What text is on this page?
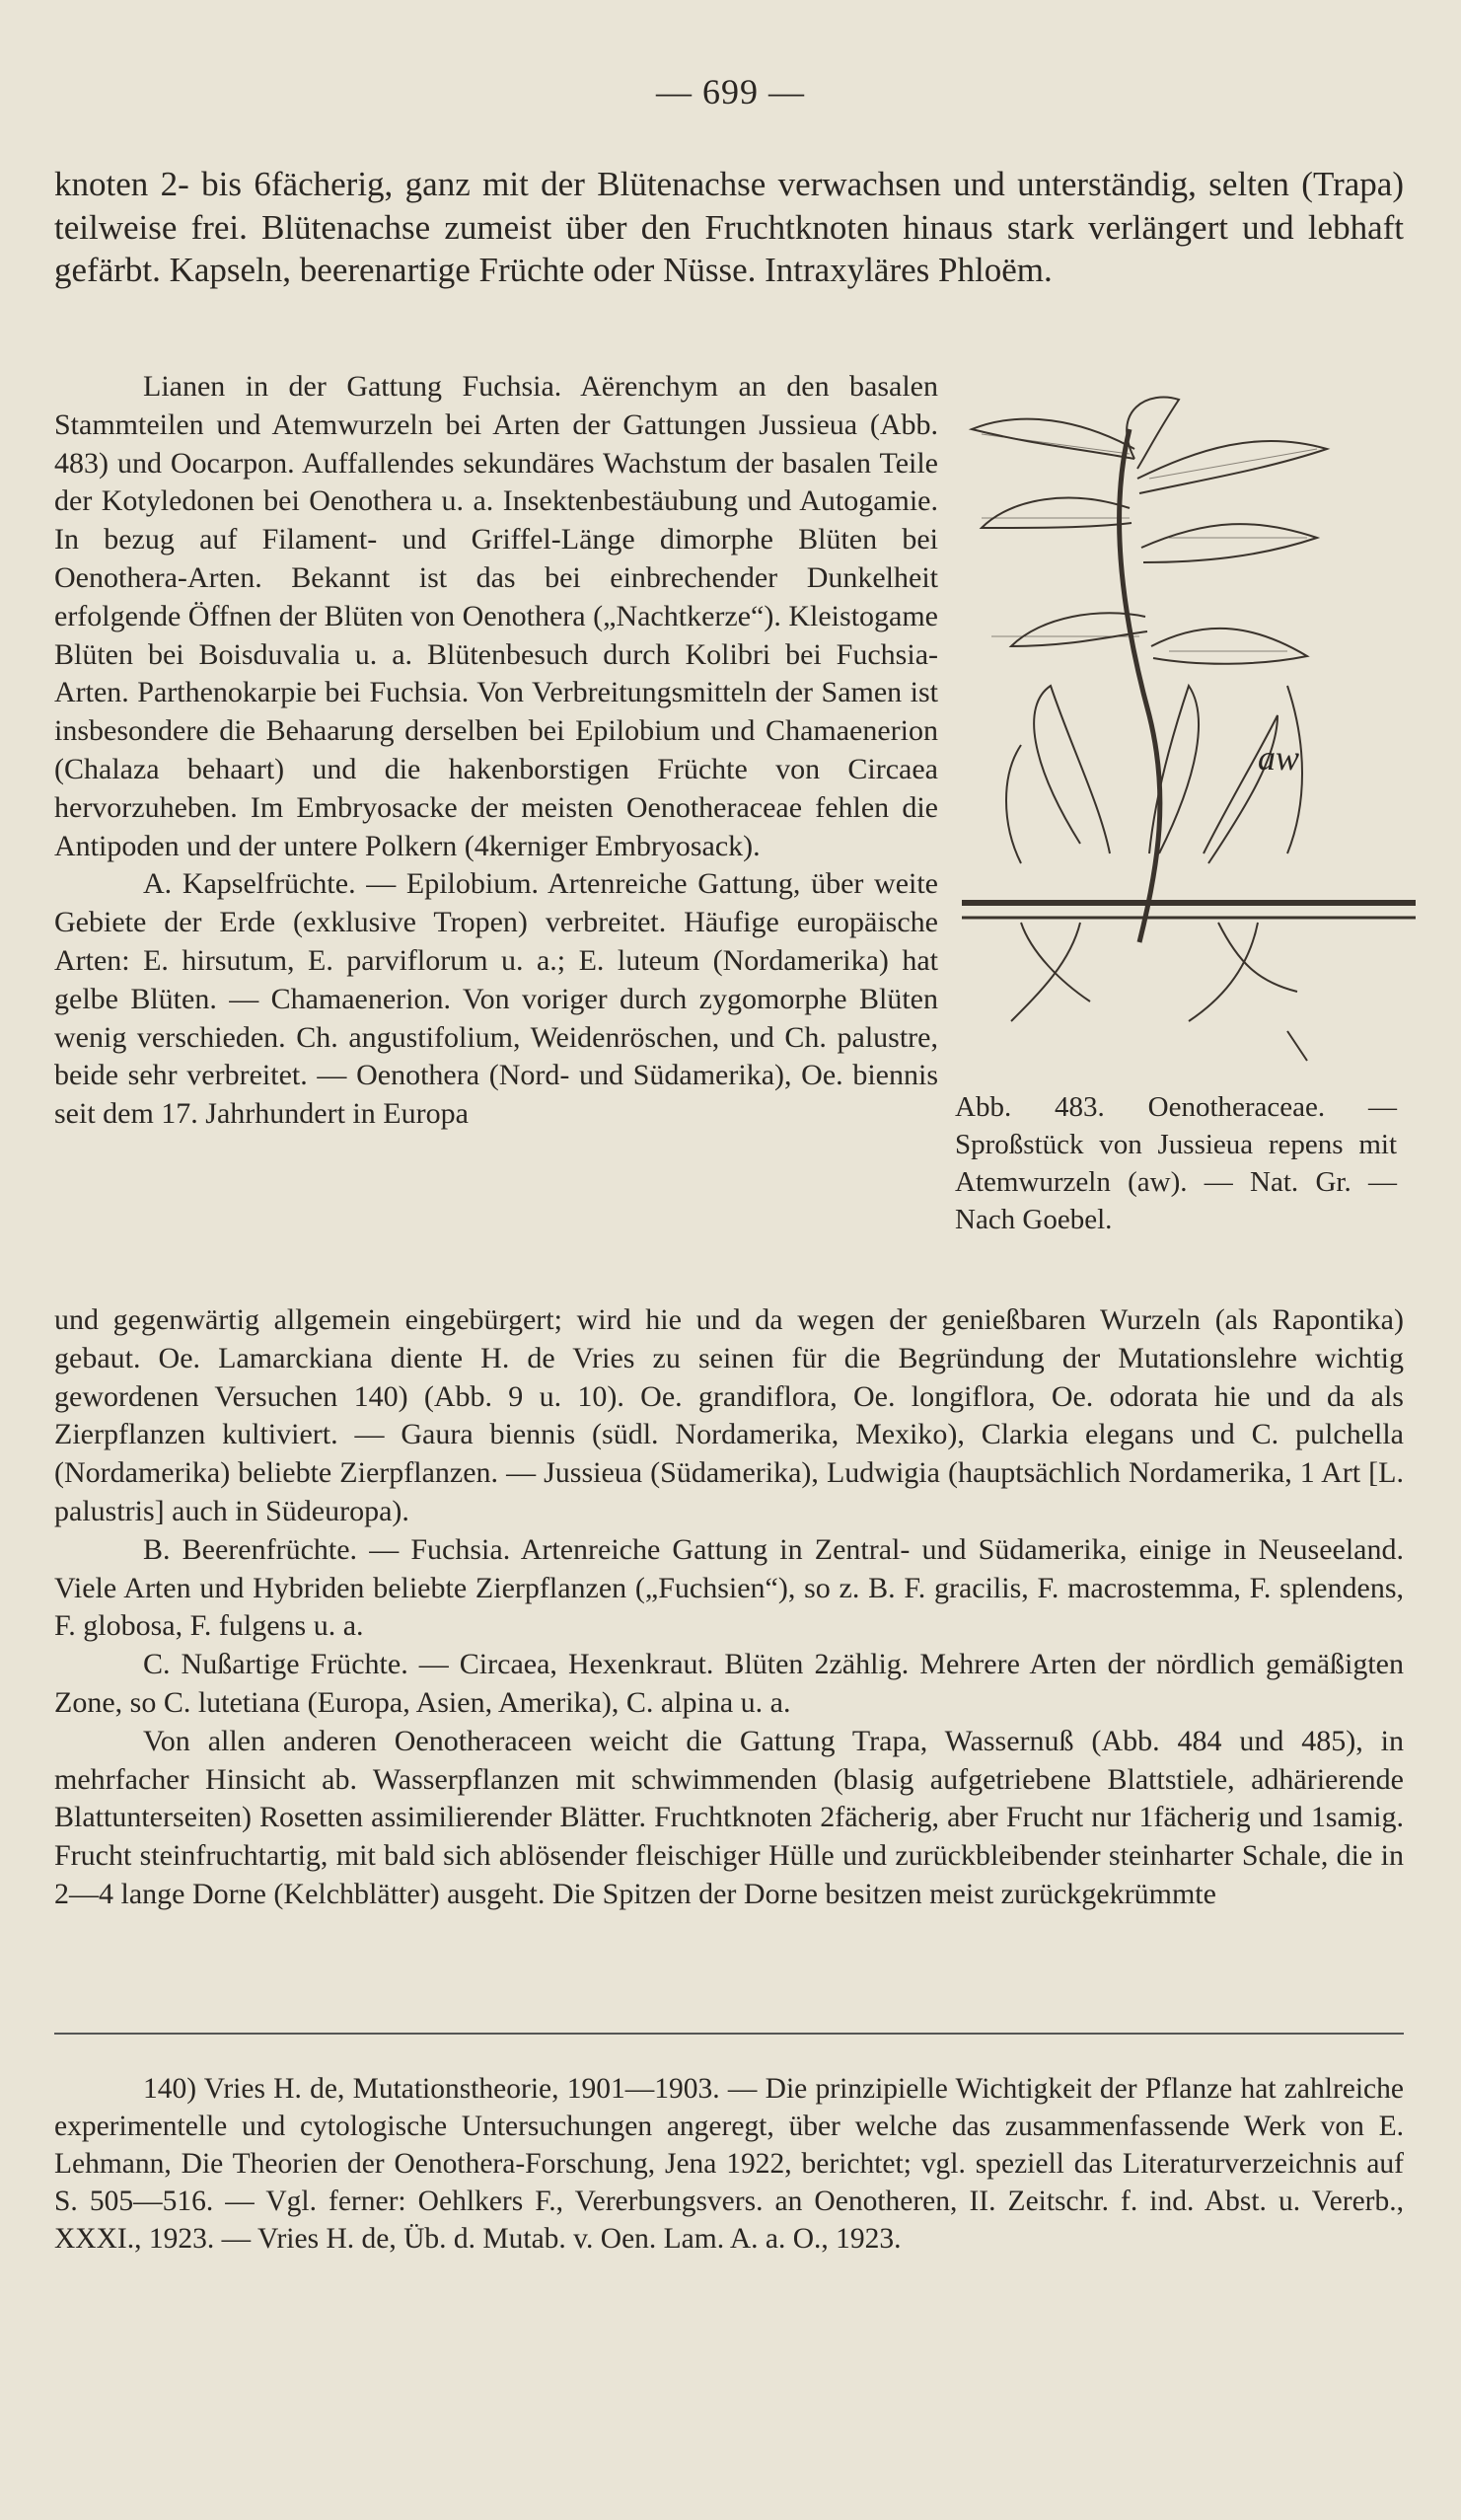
— 699 —

knoten 2- bis 6fächerig, ganz mit der Blütenachse verwachsen und unterständig, selten (Trapa) teilweise frei. Blütenachse zumeist über den Fruchtknoten hinaus stark verlängert und lebhaft gefärbt. Kapseln, beerenartige Früchte oder Nüsse. Intraxyläres Phloëm.

Lianen in der Gattung Fuchsia. Aërenchym an den basalen Stammteilen und Atemwurzeln bei Arten der Gattungen Jussieua (Abb. 483) und Oocarpon. Auffallendes sekundäres Wachstum der basalen Teile der Kotyledonen bei Oenothera u. a. Insektenbestäubung und Autogamie. In bezug auf Filament- und Griffel-Länge dimorphe Blüten bei Oenothera-Arten. Bekannt ist das bei einbrechender Dunkelheit erfolgende Öffnen der Blüten von Oenothera („Nachtkerze“). Kleistogame Blüten bei Boisduvalia u. a. Blütenbesuch durch Kolibri bei Fuchsia-Arten. Parthenokarpie bei Fuchsia. Von Verbreitungsmitteln der Samen ist insbesondere die Behaarung derselben bei Epilobium und Chamaenerion (Chalaza behaart) und die hakenborstigen Früchte von Circaea hervorzuheben. Im Embryosacke der meisten Oenotheraceae fehlen die Antipoden und der untere Polkern (4kerniger Embryosack).

A. Kapselfrüchte. — Epilobium. Artenreiche Gattung, über weite Gebiete der Erde (exklusive Tropen) verbreitet. Häufige europäische Arten: E. hirsutum, E. parviflorum u. a.; E. luteum (Nordamerika) hat gelbe Blüten. — Chamaenerion. Von voriger durch zygomorphe Blüten wenig verschieden. Ch. angustifolium, Weidenröschen, und Ch. palustre, beide sehr verbreitet. — Oenothera (Nord- und Südamerika), Oe. biennis seit dem 17. Jahrhundert in Europa

aw
Abb. 483. Oenotheraceae. — Sproßstück von Jussieua repens mit Atemwurzeln (aw). — Nat. Gr. — Nach Goebel.

und gegenwärtig allgemein eingebürgert; wird hie und da wegen der genießbaren Wurzeln (als Rapontika) gebaut. Oe. Lamarckiana diente H. de Vries zu seinen für die Begründung der Mutationslehre wichtig gewordenen Versuchen 140) (Abb. 9 u. 10). Oe. grandiflora, Oe. longiflora, Oe. odorata hie und da als Zierpflanzen kultiviert. — Gaura biennis (südl. Nordamerika, Mexiko), Clarkia elegans und C. pulchella (Nordamerika) beliebte Zierpflanzen. — Jussieua (Südamerika), Ludwigia (hauptsächlich Nordamerika, 1 Art [L. palustris] auch in Südeuropa).

B. Beerenfrüchte. — Fuchsia. Artenreiche Gattung in Zentral- und Südamerika, einige in Neuseeland. Viele Arten und Hybriden beliebte Zierpflanzen („Fuchsien“), so z. B. F. gracilis, F. macrostemma, F. splendens, F. globosa, F. fulgens u. a.

C. Nußartige Früchte. — Circaea, Hexenkraut. Blüten 2zählig. Mehrere Arten der nördlich gemäßigten Zone, so C. lutetiana (Europa, Asien, Amerika), C. alpina u. a.

Von allen anderen Oenotheraceen weicht die Gattung Trapa, Wassernuß (Abb. 484 und 485), in mehrfacher Hinsicht ab. Wasserpflanzen mit schwimmenden (blasig aufgetriebene Blattstiele, adhärierende Blattunterseiten) Rosetten assimilierender Blätter. Fruchtknoten 2fächerig, aber Frucht nur 1fächerig und 1samig. Frucht steinfruchtartig, mit bald sich ablösender fleischiger Hülle und zurückbleibender steinharter Schale, die in 2—4 lange Dorne (Kelchblätter) ausgeht. Die Spitzen der Dorne besitzen meist zurückgekrümmte

140) Vries H. de, Mutationstheorie, 1901—1903. — Die prinzipielle Wichtigkeit der Pflanze hat zahlreiche experimentelle und cytologische Untersuchungen angeregt, über welche das zusammenfassende Werk von E. Lehmann, Die Theorien der Oenothera-Forschung, Jena 1922, berichtet; vgl. speziell das Literaturverzeichnis auf S. 505—516. — Vgl. ferner: Oehlkers F., Vererbungsvers. an Oenotheren, II. Zeitschr. f. ind. Abst. u. Vererb., XXXI., 1923. — Vries H. de, Üb. d. Mutab. v. Oen. Lam. A. a. O., 1923.
